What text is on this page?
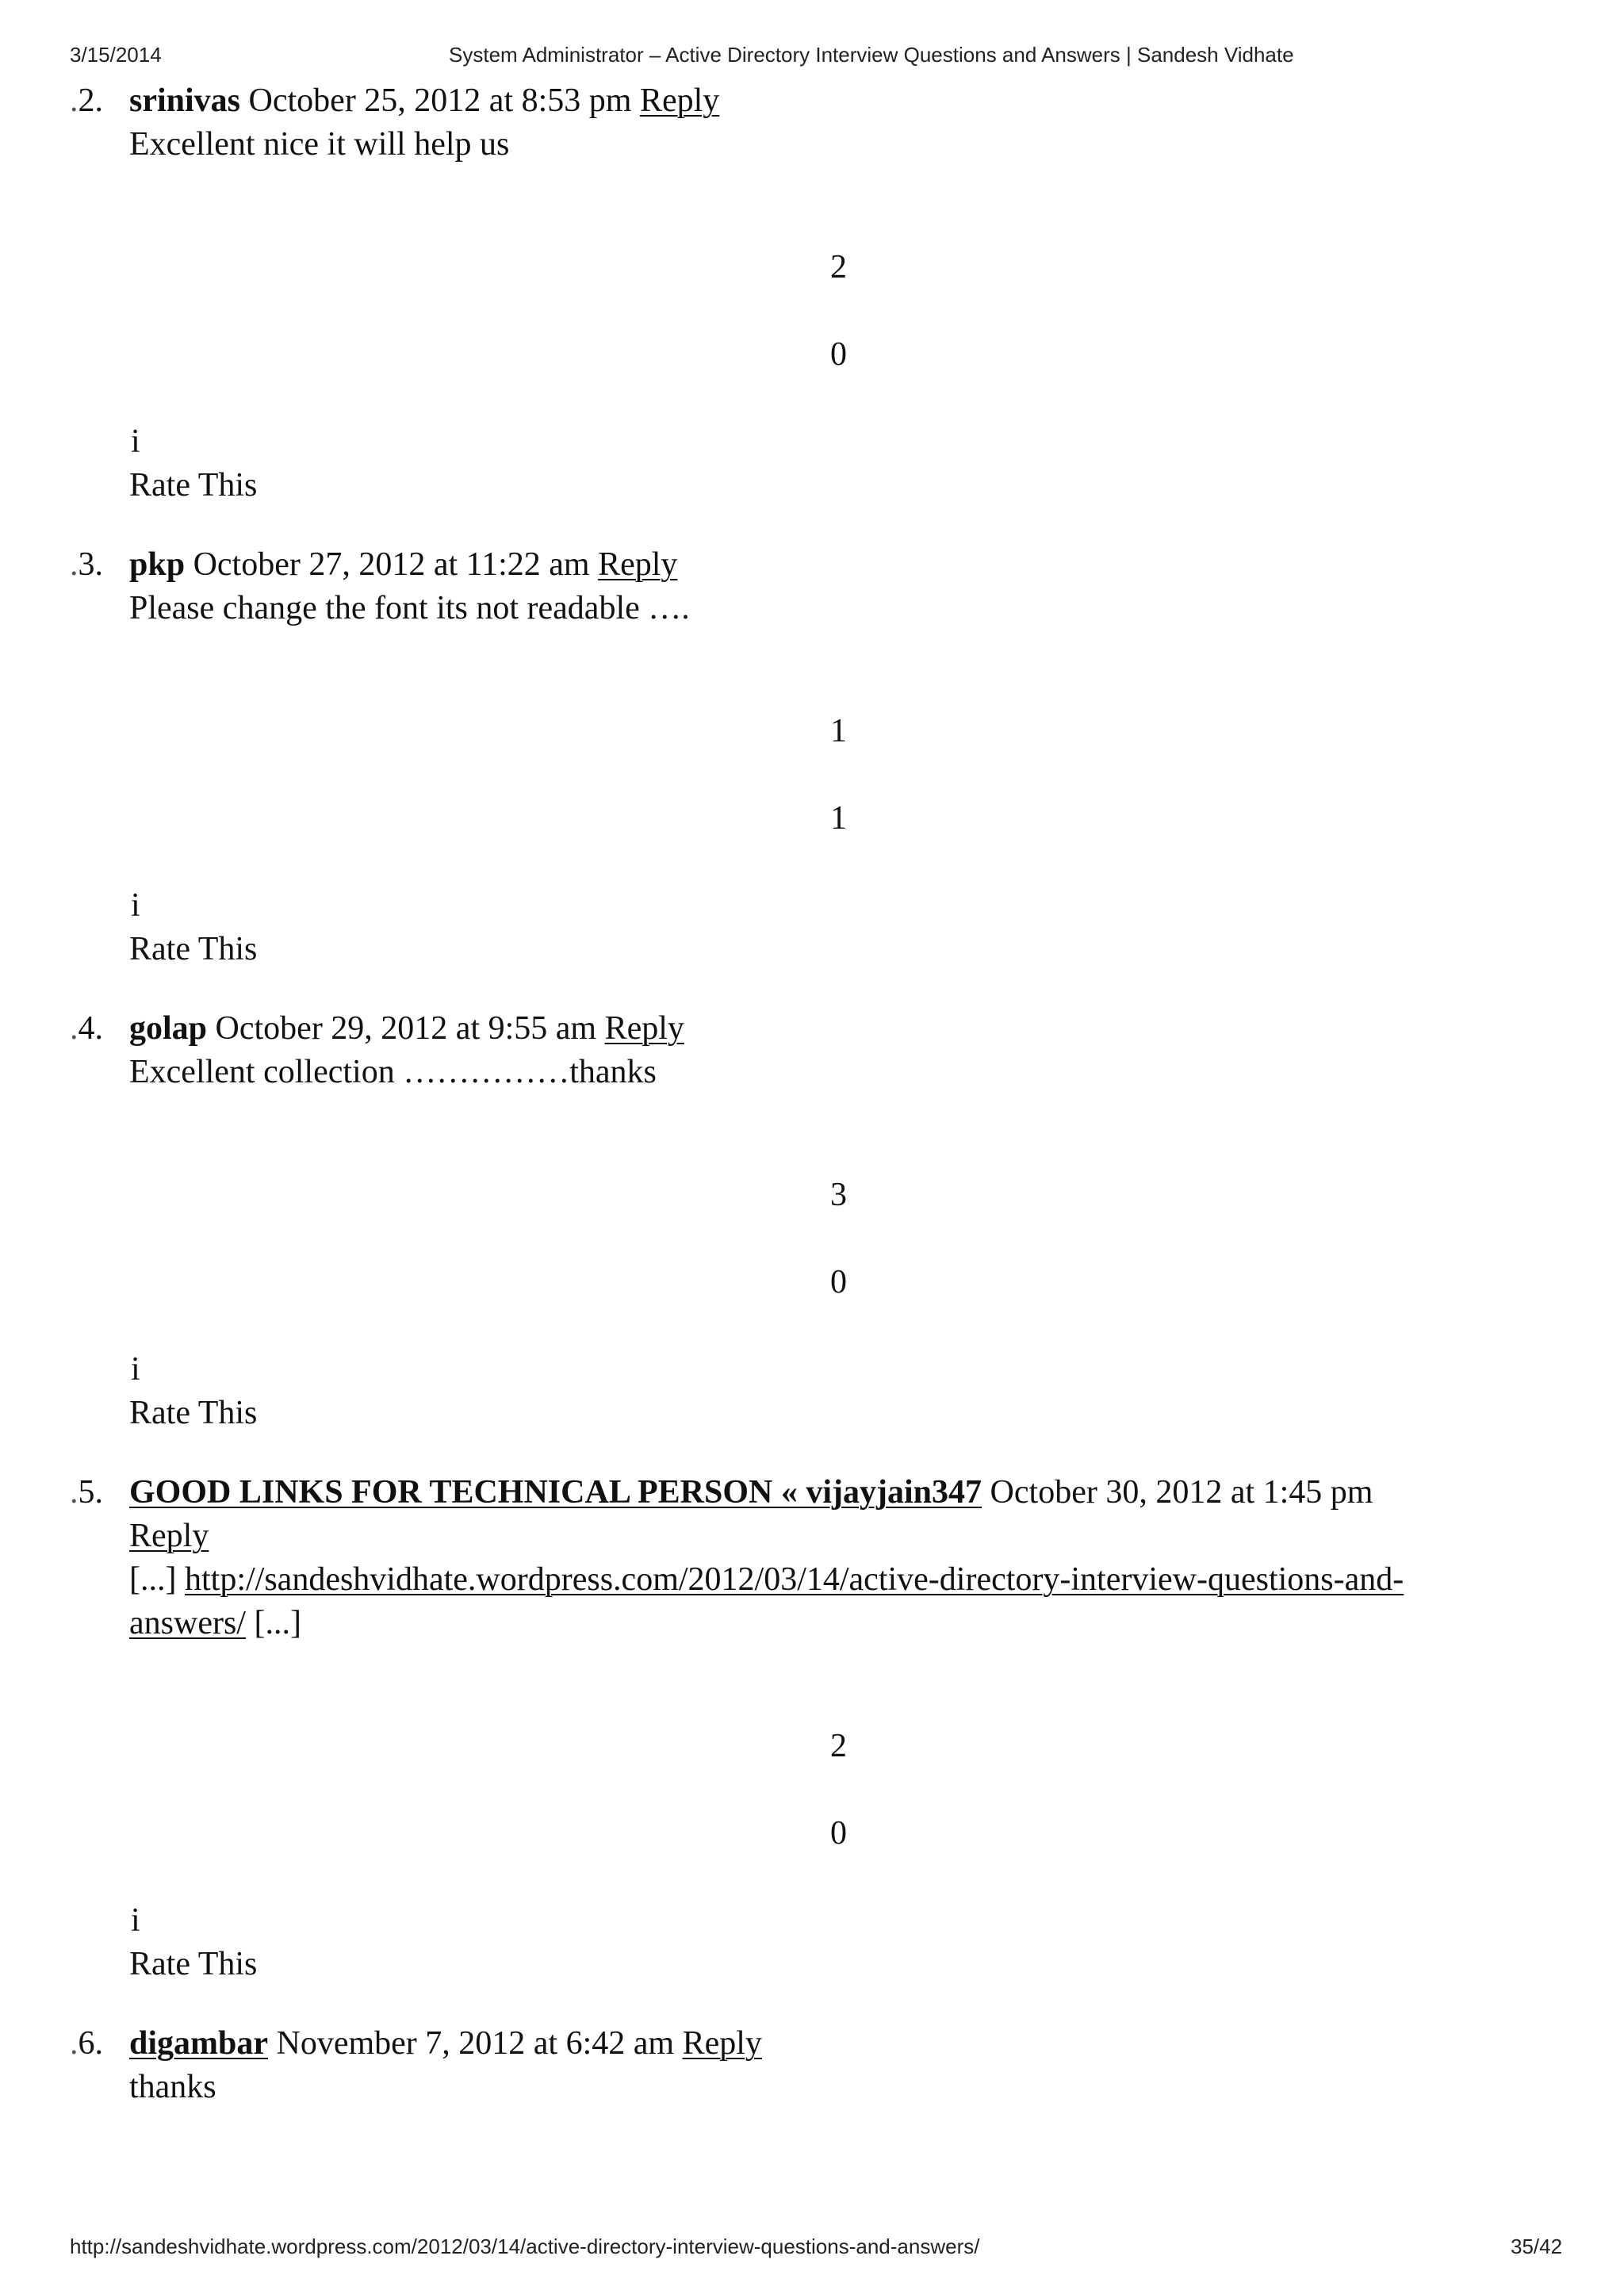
3/15/2014	System Administrator – Active Directory Interview Questions and Answers | Sandesh Vidhate
.2. srinivas October 25, 2012 at 8:53 pm Reply
Excellent nice it will help us
2
0
i
Rate This
.3. pkp October 27, 2012 at 11:22 am Reply
Please change the font its not readable ….
1
1
i
Rate This
.4. golap October 29, 2012 at 9:55 am Reply
Excellent collection ……………thanks
3
0
i
Rate This
.5. GOOD LINKS FOR TECHNICAL PERSON « vijayjain347 October 30, 2012 at 1:45 pm
Reply
[...] http://sandeshvidhate.wordpress.com/2012/03/14/active-directory-interview-questions-and-
answers/ [...]
2
0
i
Rate This
.6. digambar November 7, 2012 at 6:42 am Reply
thanks
http://sandeshvidhate.wordpress.com/2012/03/14/active-directory-interview-questions-and-answers/	35/42
